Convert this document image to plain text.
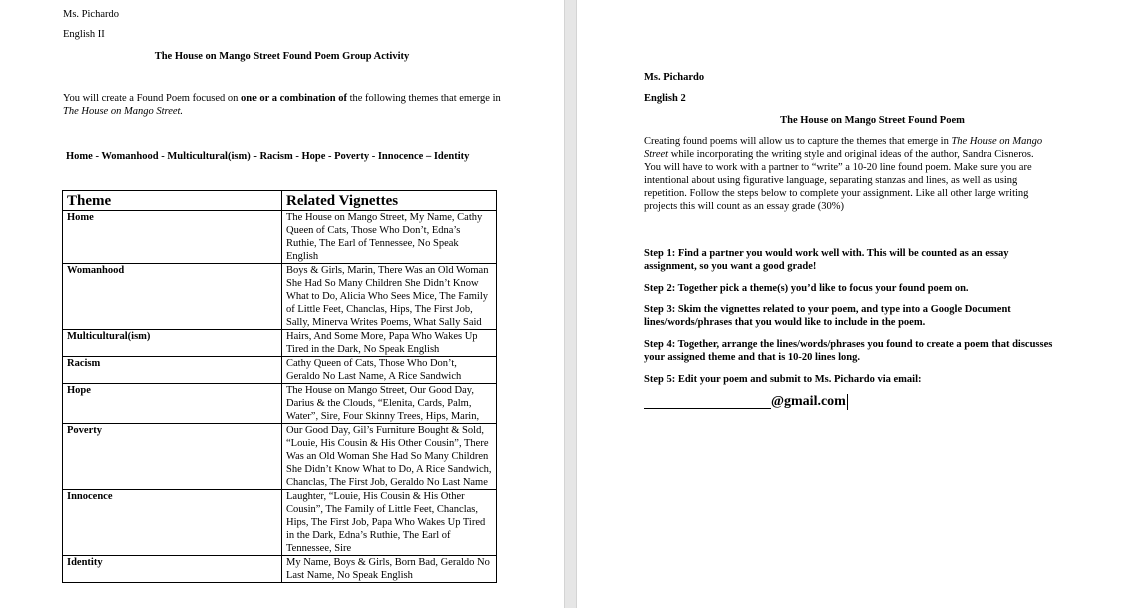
Ms. Pichardo
English II
The House on Mango Street Found Poem Group Activity
You will create a Found Poem focused on one or a combination of the following themes that emerge in The House on Mango Street.
Home - Womanhood - Multicultural(ism) - Racism - Hope - Poverty - Innocence – Identity
Theme	Related Vignettes
Home	The House on Mango Street, My Name, Cathy Queen of Cats, Those Who Don’t, Edna’s Ruthie, The Earl of Tennessee, No Speak English
Womanhood	Boys & Girls, Marin, There Was an Old Woman She Had So Many Children She Didn’t Know What to Do, Alicia Who Sees Mice, The Family of Little Feet, Chanclas, Hips, The First Job, Sally, Minerva Writes Poems, What Sally Said
Multicultural(ism)	Hairs, And Some More, Papa Who Wakes Up Tired in the Dark, No Speak English
Racism	Cathy Queen of Cats, Those Who Don’t, Geraldo No Last Name, A Rice Sandwich
Hope	The House on Mango Street, Our Good Day, Darius & the Clouds, “Elenita, Cards, Palm, Water”, Sire, Four Skinny Trees, Hips, Marin,
Poverty	Our Good Day, Gil’s Furniture Bought & Sold, “Louie, His Cousin & His Other Cousin”, There Was an Old Woman She Had So Many Children She Didn’t Know What to Do, A Rice Sandwich, Chanclas, The First Job, Geraldo No Last Name
Innocence	Laughter, “Louie, His Cousin & His Other Cousin”, The Family of Little Feet, Chanclas, Hips, The First Job, Papa Who Wakes Up Tired in the Dark, Edna’s Ruthie, The Earl of Tennessee, Sire
Identity	My Name, Boys & Girls, Born Bad, Geraldo No Last Name, No Speak English
Ms. Pichardo
English 2
The House on Mango Street Found Poem
Creating found poems will allow us to capture the themes that emerge in The House on Mango Street while incorporating the writing style and original ideas of the author, Sandra Cisneros. You will have to work with a partner to “write” a 10-20 line found poem. Make sure you are intentional about using figurative language, separating stanzas and lines, as well as using repetition. Follow the steps below to complete your assignment. Like all other large writing projects this will count as an essay grade (30%)
Step 1: Find a partner you would work well with. This will be counted as an essay assignment, so you want a good grade!
Step 2: Together pick a theme(s) you’d like to focus your found poem on.
Step 3: Skim the vignettes related to your poem, and type into a Google Document lines/words/phrases that you would like to include in the poem.
Step 4: Together, arrange the lines/words/phrases you found to create a poem that discusses your assigned theme and that is 10-20 lines long.
Step 5: Edit your poem and submit to Ms. Pichardo via email:
@gmail.com
